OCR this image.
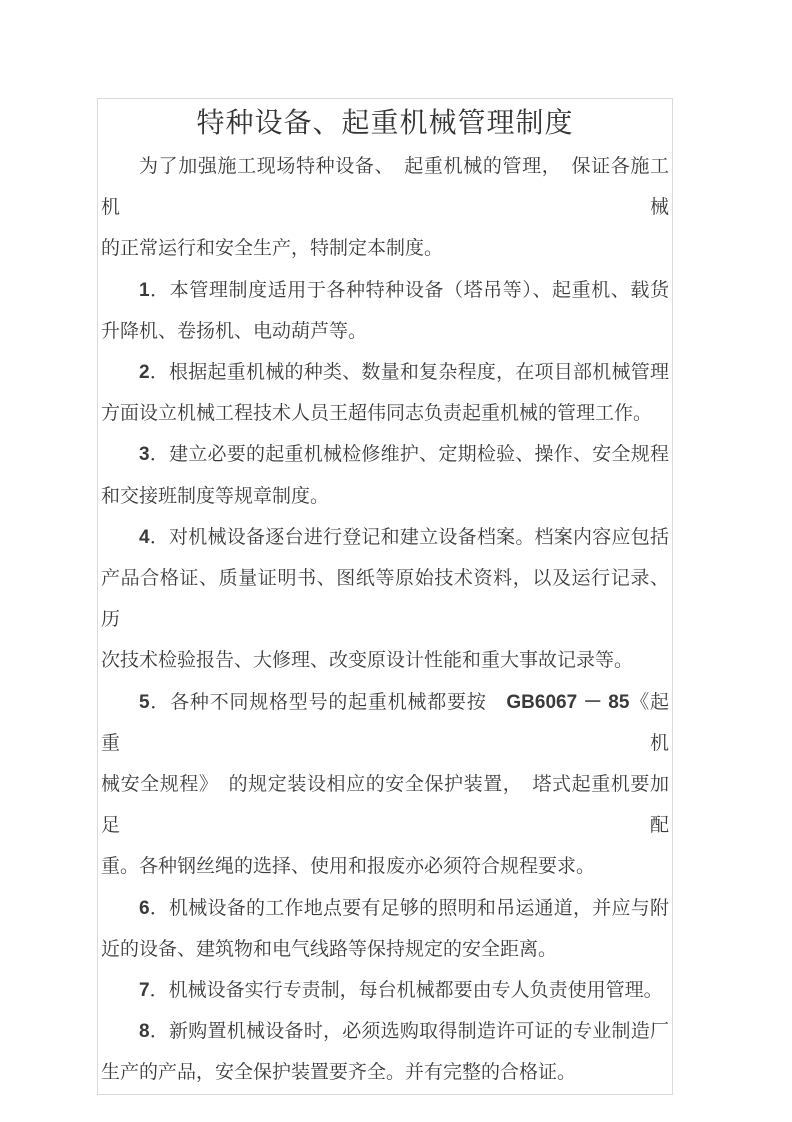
特种设备、起重机械管理制度
为了加强施工现场特种设备、　起重机械的管理，　保证各施工机械
的正常运行和安全生产，特制定本制度。
1．本管理制度适用于各种特种设备（塔吊等）、起重机、载货
升降机、卷扬机、电动葫芦等。
2．根据起重机械的种类、数量和复杂程度，在项目部机械管理
方面设立机械工程技术人员王超伟同志负责起重机械的管理工作。
3．建立必要的起重机械检修维护、定期检验、操作、安全规程
和交接班制度等规章制度。
4．对机械设备逐台进行登记和建立设备档案。档案内容应包括
产品合格证、质量证明书、图纸等原始技术资料，以及运行记录、历
次技术检验报告、大修理、改变原设计性能和重大事故记录等。
5．各种不同规格型号的起重机械都要按　GB6067 － 85《起重机
械安全规程》　的规定装设相应的安全保护装置，　塔式起重机要加足配
重。各种钢丝绳的选择、使用和报废亦必须符合规程要求。
6．机械设备的工作地点要有足够的照明和吊运通道，并应与附
近的设备、建筑物和电气线路等保持规定的安全距离。
7．机械设备实行专责制，每台机械都要由专人负责使用管理。
8．新购置机械设备时，必须选购取得制造许可证的专业制造厂
生产的产品，安全保护装置要齐全。并有完整的合格证。
